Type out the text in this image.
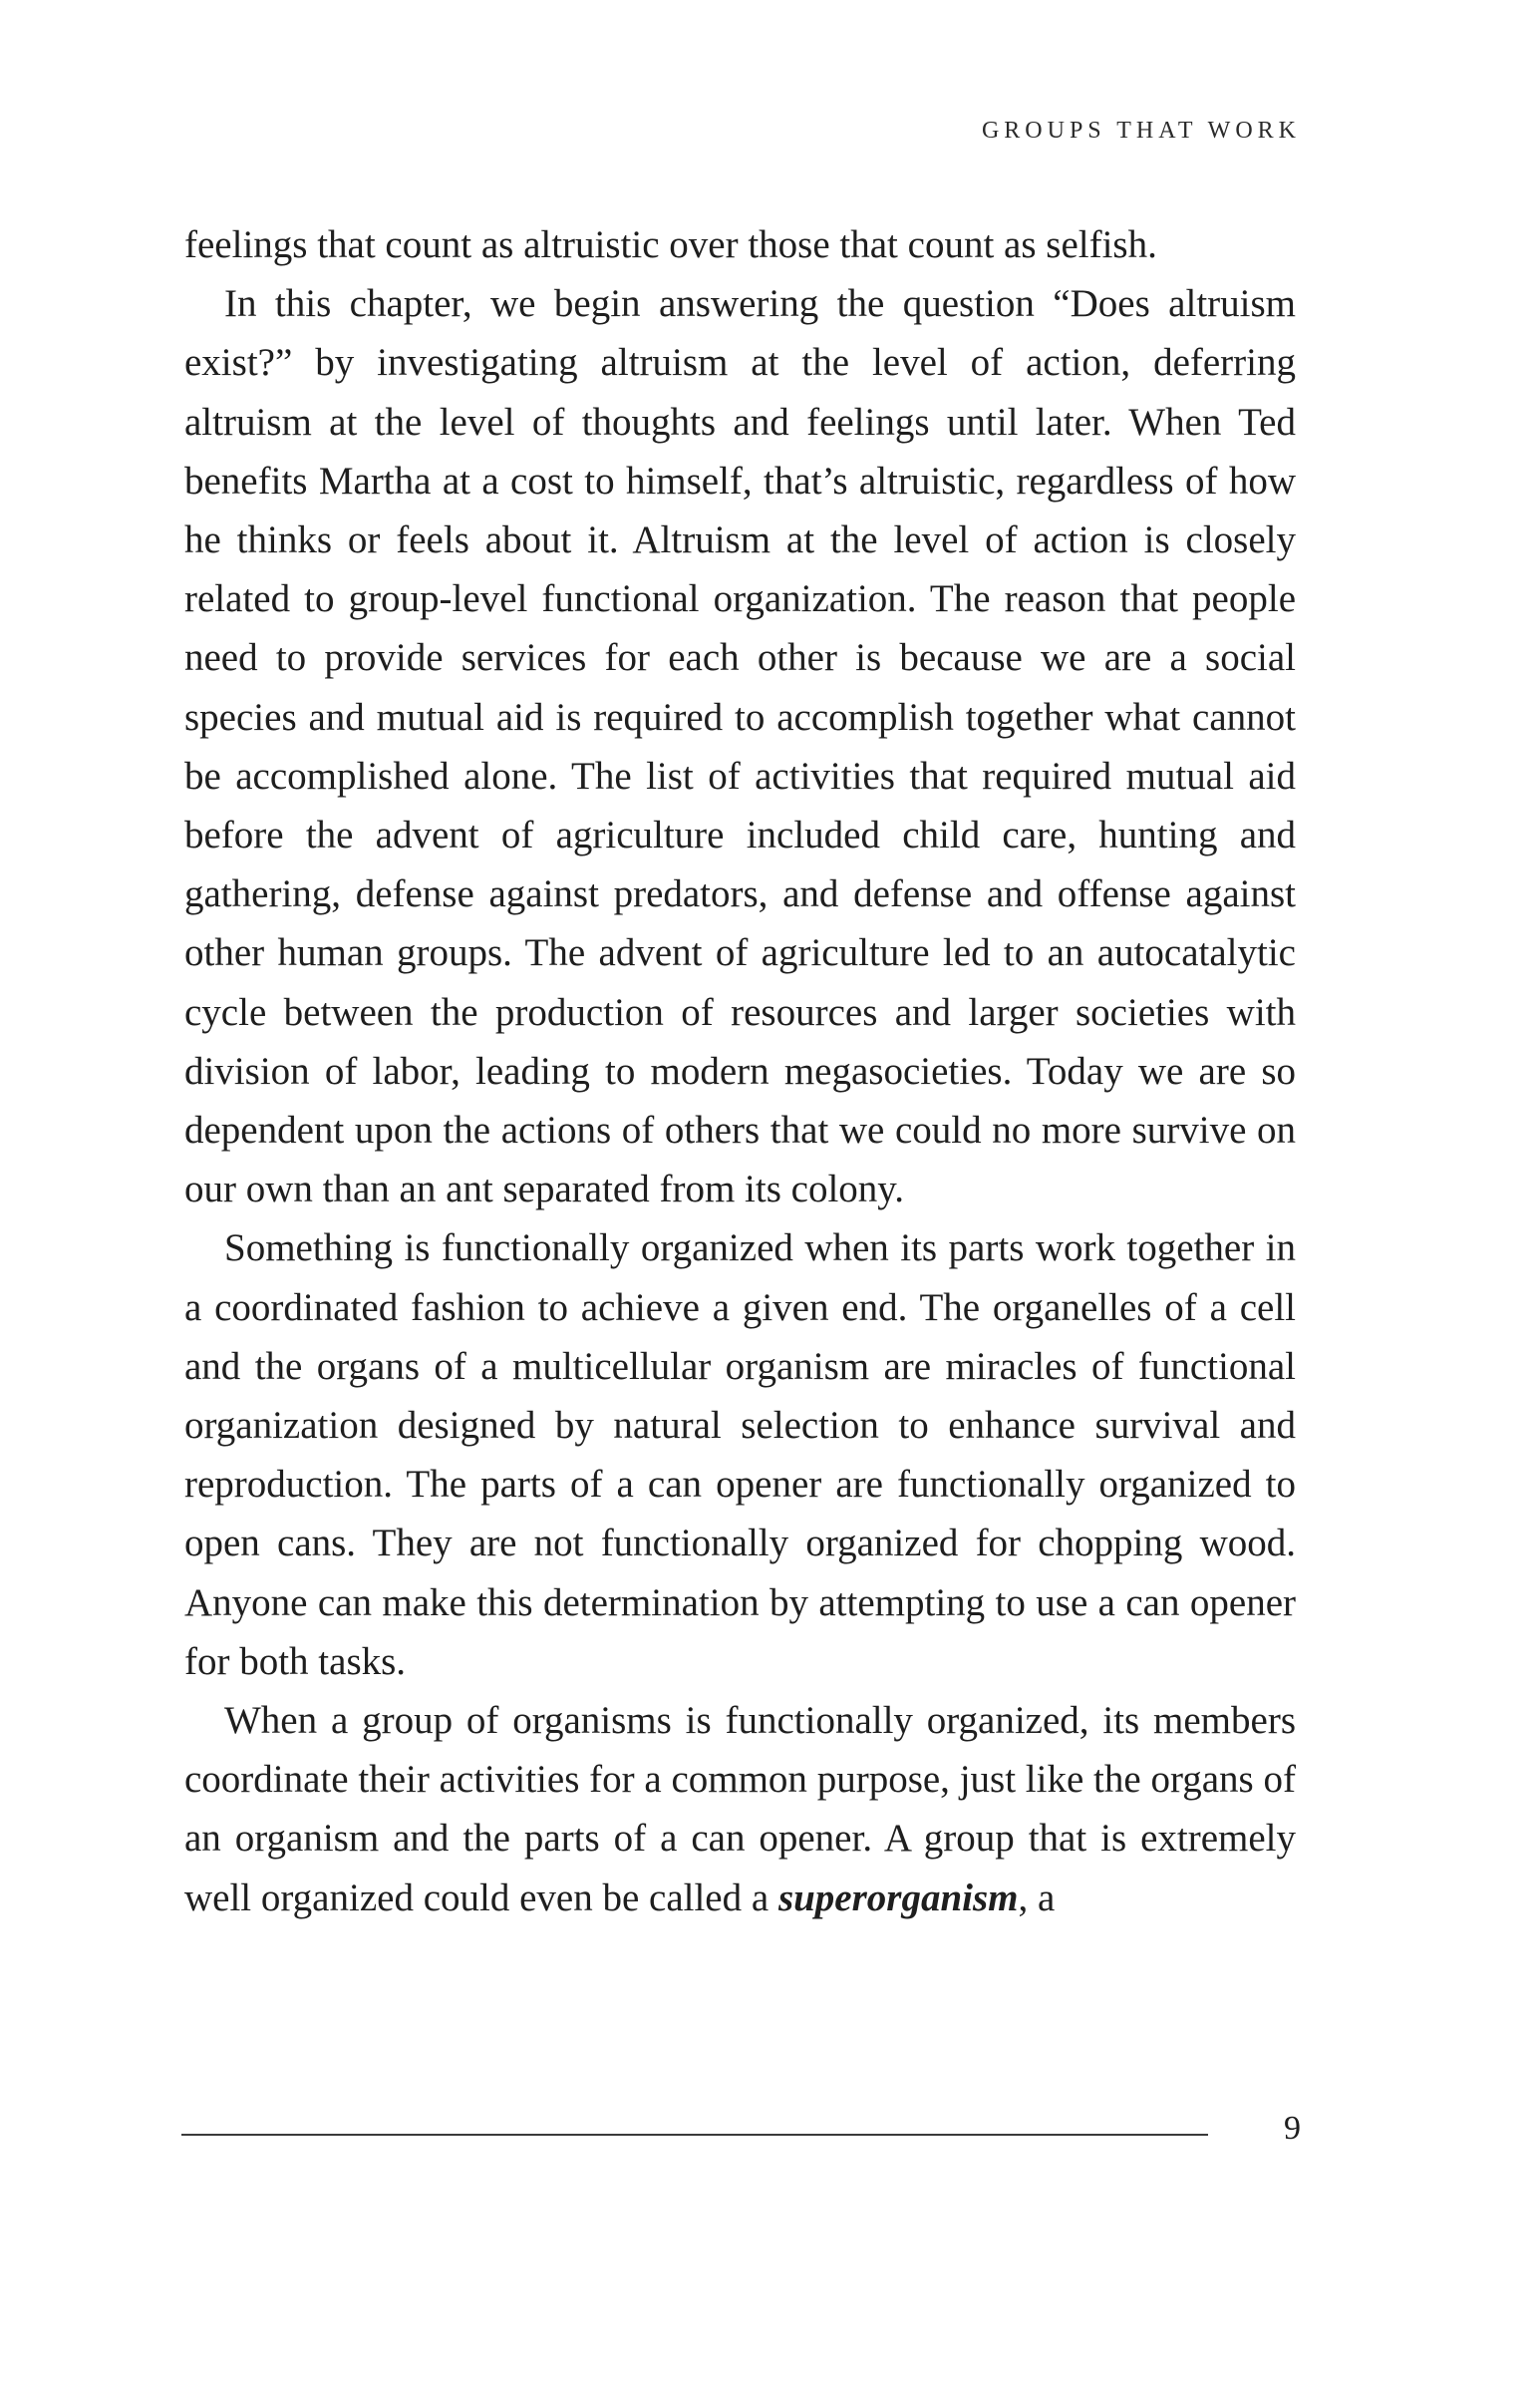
GROUPS THAT WORK

feelings that count as altruistic over those that count as selfish.

In this chapter, we begin answering the question “Does altruism exist?” by investigating altruism at the level of action, deferring altruism at the level of thoughts and feelings until later. When Ted benefits Martha at a cost to himself, that’s altruistic, regardless of how he thinks or feels about it. Altruism at the level of action is closely related to group-level functional organization. The reason that people need to provide services for each other is because we are a social species and mutual aid is required to accomplish together what cannot be accomplished alone. The list of activities that required mutual aid before the advent of agriculture included child care, hunting and gathering, defense against predators, and defense and offense against other human groups. The advent of agriculture led to an autocatalytic cycle between the production of resources and larger societies with division of labor, leading to modern megasocieties. Today we are so dependent upon the actions of others that we could no more survive on our own than an ant separated from its colony.

Something is functionally organized when its parts work together in a coordinated fashion to achieve a given end. The organelles of a cell and the organs of a multicellular organism are miracles of functional organization designed by natural selection to enhance survival and reproduction. The parts of a can opener are functionally organized to open cans. They are not functionally organized for chopping wood. Anyone can make this determination by attempting to use a can opener for both tasks.

When a group of organisms is functionally organized, its members coordinate their activities for a common purpose, just like the organs of an organism and the parts of a can opener. A group that is extremely well organized could even be called a superorganism, a

9
